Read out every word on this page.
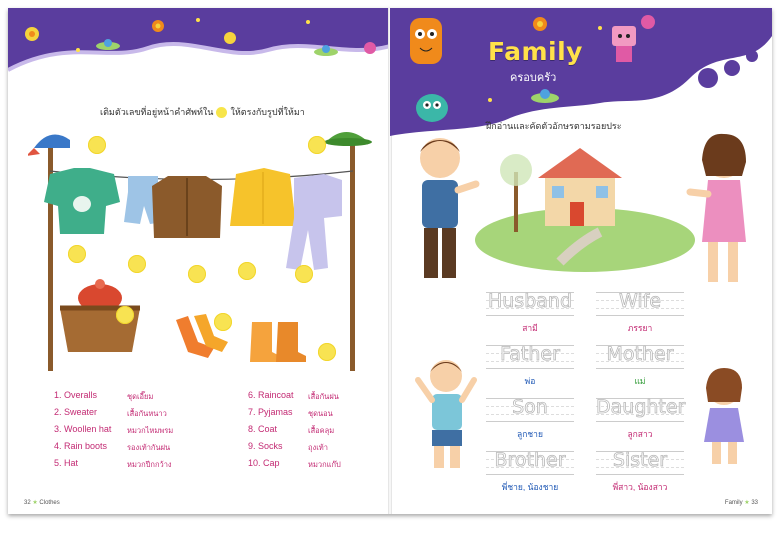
เติมตัวเลขที่อยู่หน้าคำศัพท์ใน ให้ตรงกับรูปที่ให้มา
1. Overalls	ชุดเอี๊ยม
2. Sweater	เสื้อกันหนาว
3. Woollen hat หมวกไหมพรม
4. Rain boots	รองเท้ากันฝน
5. Hat	หมวกปีกกว้าง
6. Raincoat เสื้อกันฝน
7. Pyjamas ชุดนอน
8. Coat	เสื้อคลุม
9. Socks	ถุงเท้า
10. Cap	หมวกแก๊ป
32 ★ Clothes
Family
ครอบครัว
ฝึกอ่านและคัดตัวอักษรตามรอยประ
Husband
สามี
Wife
ภรรยา
Father
พ่อ
Mother
แม่
Son
ลูกชาย
Daughter
ลูกสาว
Brother
พี่ชาย, น้องชาย
Sister
พี่สาว, น้องสาว
Family ★ 33
